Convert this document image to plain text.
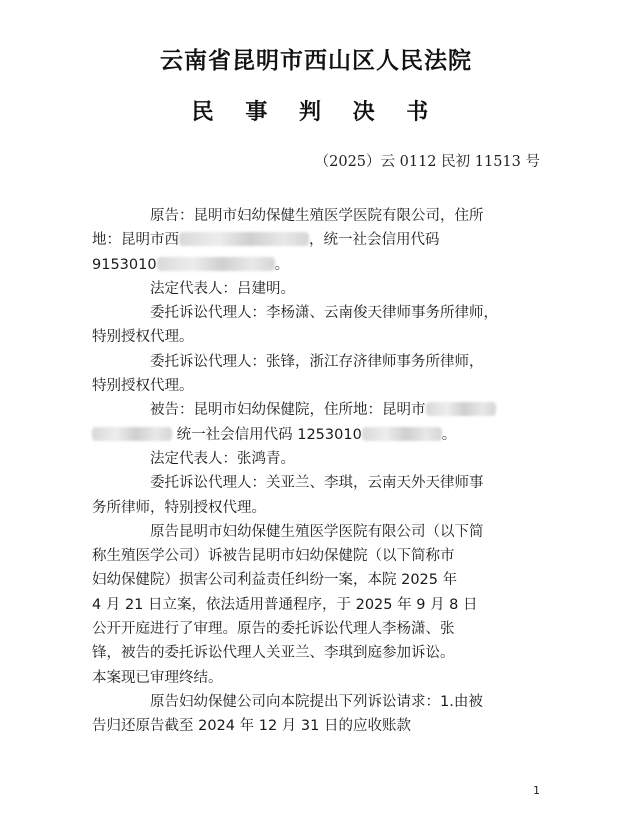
云南省昆明市西山区人民法院
民 事 判 决 书
（2025）云 0112 民初 11513 号
原告：昆明市妇幼保健生殖医学医院有限公司，住所
地：昆明市西	，统一社会信用代码
9153010	。
法定代表人：吕建明。
委托诉讼代理人：李杨潇、云南俊天律师事务所律师，
特别授权代理。
委托诉讼代理人：张锋，浙江存济律师事务所律师，
特别授权代理。
被告：昆明市妇幼保健院，住所地：昆明市
统一社会信用代码 1253010	。
法定代表人：张鸿青。
委托诉讼代理人：关亚兰、李琪，云南天外天律师事
务所律师，特别授权代理。
原告昆明市妇幼保健生殖医学医院有限公司（以下简
称生殖医学公司）诉被告昆明市妇幼保健院（以下简称市
妇幼保健院）损害公司利益责任纠纷一案，本院 2025 年
4 月 21 日立案，依法适用普通程序，于 2025 年 9 月 8 日
公开开庭进行了审理。原告的委托诉讼代理人李杨潇、张
锋，被告的委托诉讼代理人关亚兰、李琪到庭参加诉讼。
本案现已审理终结。
原告妇幼保健公司向本院提出下列诉讼请求：1.由被
告归还原告截至 2024 年 12 月 31 日的应收账款
1
